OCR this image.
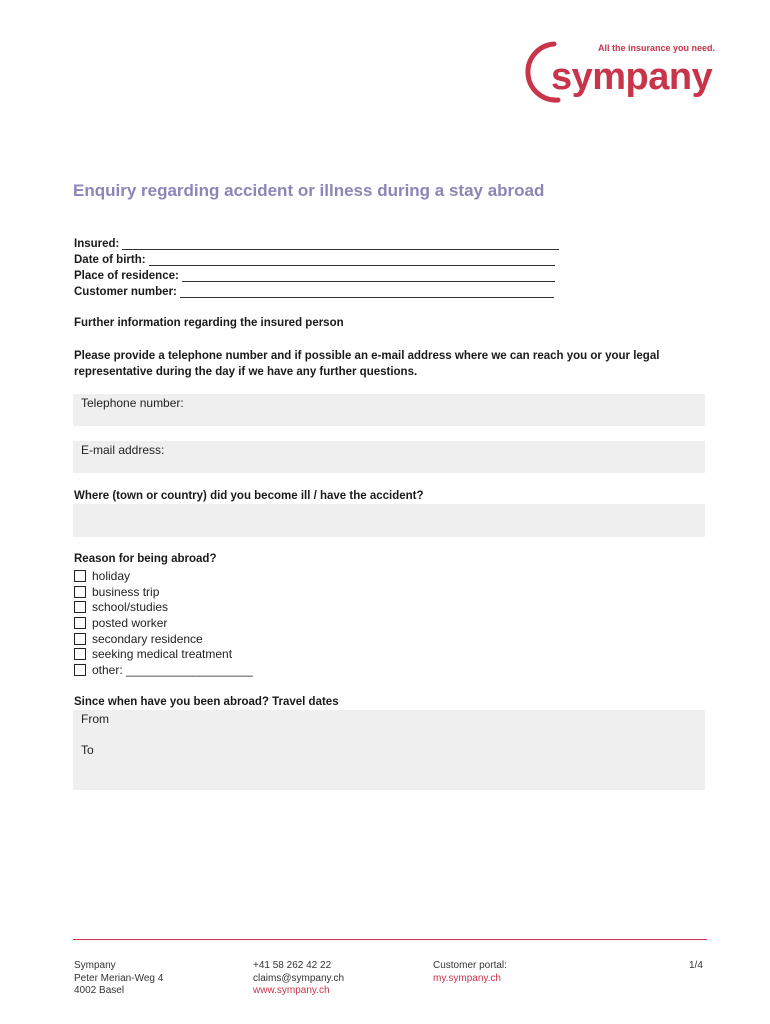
All the insurance you need.
sympany
Enquiry regarding accident or illness during a stay abroad
Insured:
Date of birth:
Place of residence:
Customer number:
Further information regarding the insured person
Please provide a telephone number and if possible an e-mail address where we can reach you or your legal representative during the day if we have any further questions.
Telephone number:
E-mail address:
Where (town or country) did you become ill / have the accident?
Reason for being abroad?
holiday
business trip
school/studies
posted worker
secondary residence
seeking medical treatment
other: ___________________
Since when have you been abroad? Travel dates
From
To
Sympany
Peter Merian-Weg 4
4002 Basel
+41 58 262 42 22
claims@sympany.ch
www.sympany.ch
Customer portal:
my.sympany.ch
1/4
